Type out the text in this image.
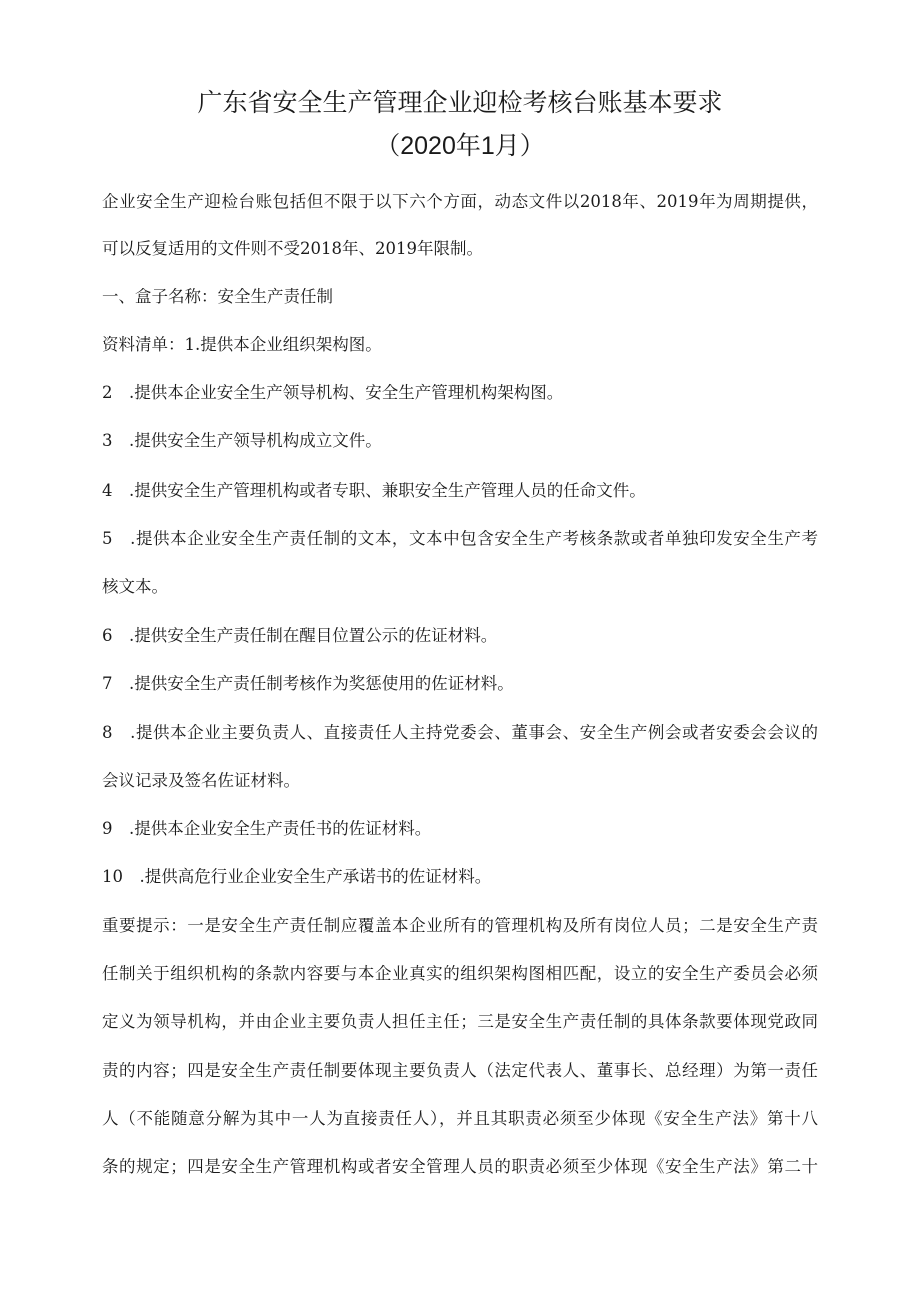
广东省安全生产管理企业迎检考核台账基本要求
（2020年1月）
企业安全生产迎检台账包括但不限于以下六个方面，动态文件以2018年、2019年为周期提供，
可以反复适用的文件则不受2018年、2019年限制。
一、盒子名称：安全生产责任制
资料清单：1.提供本企业组织架构图。
2　.提供本企业安全生产领导机构、安全生产管理机构架构图。
3　.提供安全生产领导机构成立文件。
4　.提供安全生产管理机构或者专职、兼职安全生产管理人员的任命文件。
5　.提供本企业安全生产责任制的文本，文本中包含安全生产考核条款或者单独印发安全生产考
核文本。
6　.提供安全生产责任制在醒目位置公示的佐证材料。
7　.提供安全生产责任制考核作为奖惩使用的佐证材料。
8　.提供本企业主要负责人、直接责任人主持党委会、董事会、安全生产例会或者安委会会议的
会议记录及签名佐证材料。
9　.提供本企业安全生产责任书的佐证材料。
10　.提供高危行业企业安全生产承诺书的佐证材料。
重要提示：一是安全生产责任制应覆盖本企业所有的管理机构及所有岗位人员；二是安全生产责
任制关于组织机构的条款内容要与本企业真实的组织架构图相匹配，设立的安全生产委员会必须
定义为领导机构，并由企业主要负责人担任主任；三是安全生产责任制的具体条款要体现党政同
责的内容；四是安全生产责任制要体现主要负责人（法定代表人、董事长、总经理）为第一责任
人（不能随意分解为其中一人为直接责任人），并且其职责必须至少体现《安全生产法》第十八
条的规定；四是安全生产管理机构或者安全管理人员的职责必须至少体现《安全生产法》第二十
